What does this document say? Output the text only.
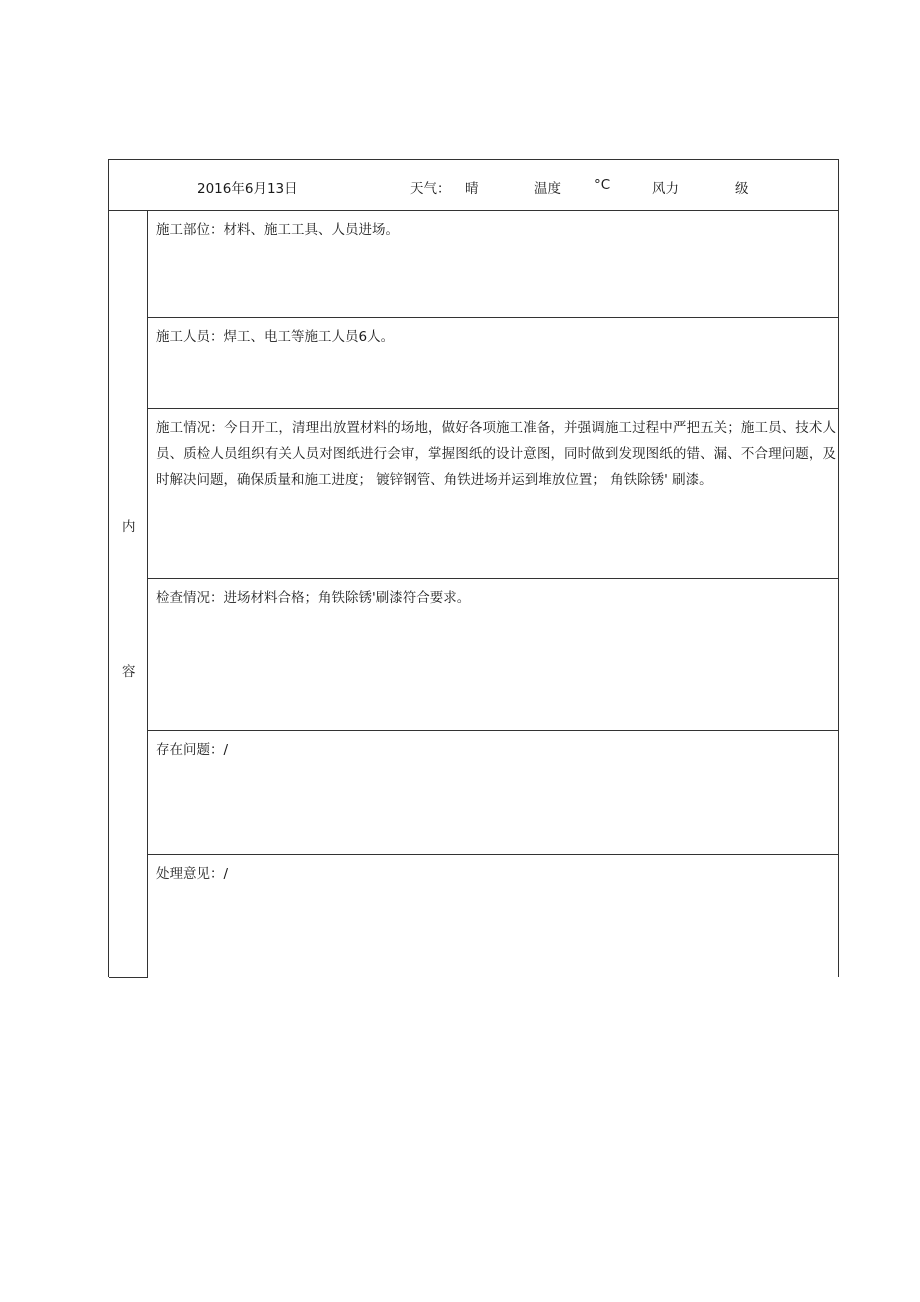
2016年6月13日	天气： 晴	温度 °C	风力	级
内
容

施工部位：材料、施工工具、人员进场。

施工人员：焊工、电工等施工人员6人。

施工情况：今日开工，清理出放置材料的场地，做好各项施工准备，并强调施工过程中严把五关；施工员、技术人员、质检人员组织有关人员对图纸进行会审，掌握图纸的设计意图，同时做到发现图纸的错、漏、不合理问题，及时解决问题，确保质量和施工进度； 镀锌钢管、角铁进场并运到堆放位置； 角铁除锈' 刷漆。

检查情况：进场材料合格；角铁除锈'刷漆符合要求。

存在问题：/

处理意见：/
